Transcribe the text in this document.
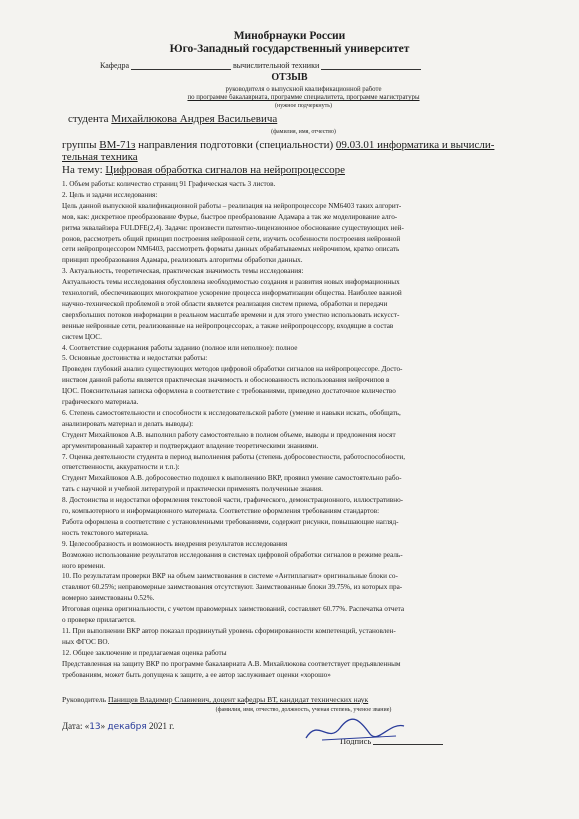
Минобрнауки России
Юго-Западный государственный университет
Кафедра	вычислительной техники
ОТЗЫВ
руководителя о выпускной квалификационной работе
по программе бакалавриата, программе специалитета, программе магистратуры
(нужное подчеркнуть)
студента Михайлюкова Андрея Васильевича
(фамилия, имя, отчество)
группы ВМ-71з направления подготовки (специальности) 09.03.01 информатика и вычисли-
тельная техника
На тему: Цифровая обработка сигналов на нейропроцессоре
1. Объем работы: количество страниц 91 Графическая часть 3 листов.
2. Цель и задачи исследования:
Цель данной выпускной квалификационной работы – реализация на нейропроцессоре NM6403 таких алгорит-
мов, как: дискретное преобразование Фурье, быстрое преобразование Адамара а так же моделирование алго-
ритма эквалайзера FULDFE(2,4). Задачи: произвести патентно-лицензионное обоснование существующих ней-
ронов, рассмотреть общий принцип построения нейронной сети, изучить особенности построения нейронной
сети нейропроцессором NM6403, рассмотреть форматы данных обрабатываемых нейрочипом, кратко описать
принцип преобразования Адамара, реализовать алгоритмы обработки данных.
3. Актуальность, теоретическая, практическая значимость темы исследования:
Актуальность темы исследования обусловлена необходимостью создания и развития новых информационных
технологий, обеспечивающих многократное ускорение процесса информатизации общества. Наиболее важной
научно-технической проблемой в этой области является реализация систем приема, обработки и передачи
сверхбольших потоков информации в реальном масштабе времени и для этого уместно использовать искусст-
венные нейронные сети, реализованные на нейропроцессорах, а также нейропроцессору, входящие в состав
систем ЦОС.
4. Соответствие содержания работы заданию (полное или неполное): полное
5. Основные достоинства и недостатки работы:
Проведен глубокий анализ существующих методов цифровой обработки сигналов на нейропроцессоре. Досто-
инством данной работы является практическая значимость и обоснованность использования нейрочипов в
ЦОС. Пояснительная записка оформлена в соответствие с требованиями, приведено достаточное количество
графического материала.
6. Степень самостоятельности и способности к исследовательской работе (умение и навыки искать, обобщать,
анализировать материал и делать выводы):
Студент Михайлюков А.В. выполнил работу самостоятельно в полном объеме, выводы и предложения носят
аргументированный характер и подтверждают владение теоретическими знаниями.
7. Оценка деятельности студента в период выполнения работы (степень добросовестности, работоспособности,
ответственности, аккуратности и т.п.):
Студент Михайлюков А.В. добросовестно подошел к выполнению ВКР, проявил умение самостоятельно рабо-
тать с научной и учебной литературой и практически применять полученные знания.
8. Достоинства и недостатки оформления текстовой части, графического, демонстрационного, иллюстративно-
го, компьютерного и информационного материала. Соответствие оформления требованиям стандартов:
Работа оформлена в соответствие с установленными требованиями, содержит рисунки, повышающие нагляд-
ность текстового материала.
9. Целесообразность и возможность внедрения результатов исследования
Возможно использование результатов исследования в системах цифровой обработки сигналов в режиме реаль-
ного времени.
10. По результатам проверки ВКР на объем заимствования в системе «Антиплагиат» оригинальные блоки со-
ставляют 60.25%; неправомерные заимствования отсутствуют. Заимствованные блоки 39.75%, из которых пра-
вомерно заимствованы 0.52%.
Итоговая оценка оригинальности, с учетом правомерных заимствований, составляет 60.77%. Распечатка отчета
о проверке прилагается.
11. При выполнении ВКР автор показал продвинутый уровень сформированности компетенций, установлен-
ных ФГОС ВО.
12. Общее заключение и предлагаемая оценка работы
Представленная на защиту ВКР по программе бакалавриата А.В. Михайлюкова соответствует предъявленным
требованиям, может быть допущена к защите, а ее автор заслуживает оценки «хорошо»
Руководитель Панищев Владимир Славиевич, доцент кафедры ВТ, кандидат технических наук
(фамилия, имя, отчество, должность, ученая степень, ученое звание)
Дата: «13» декабря 2021 г.
Подпись
